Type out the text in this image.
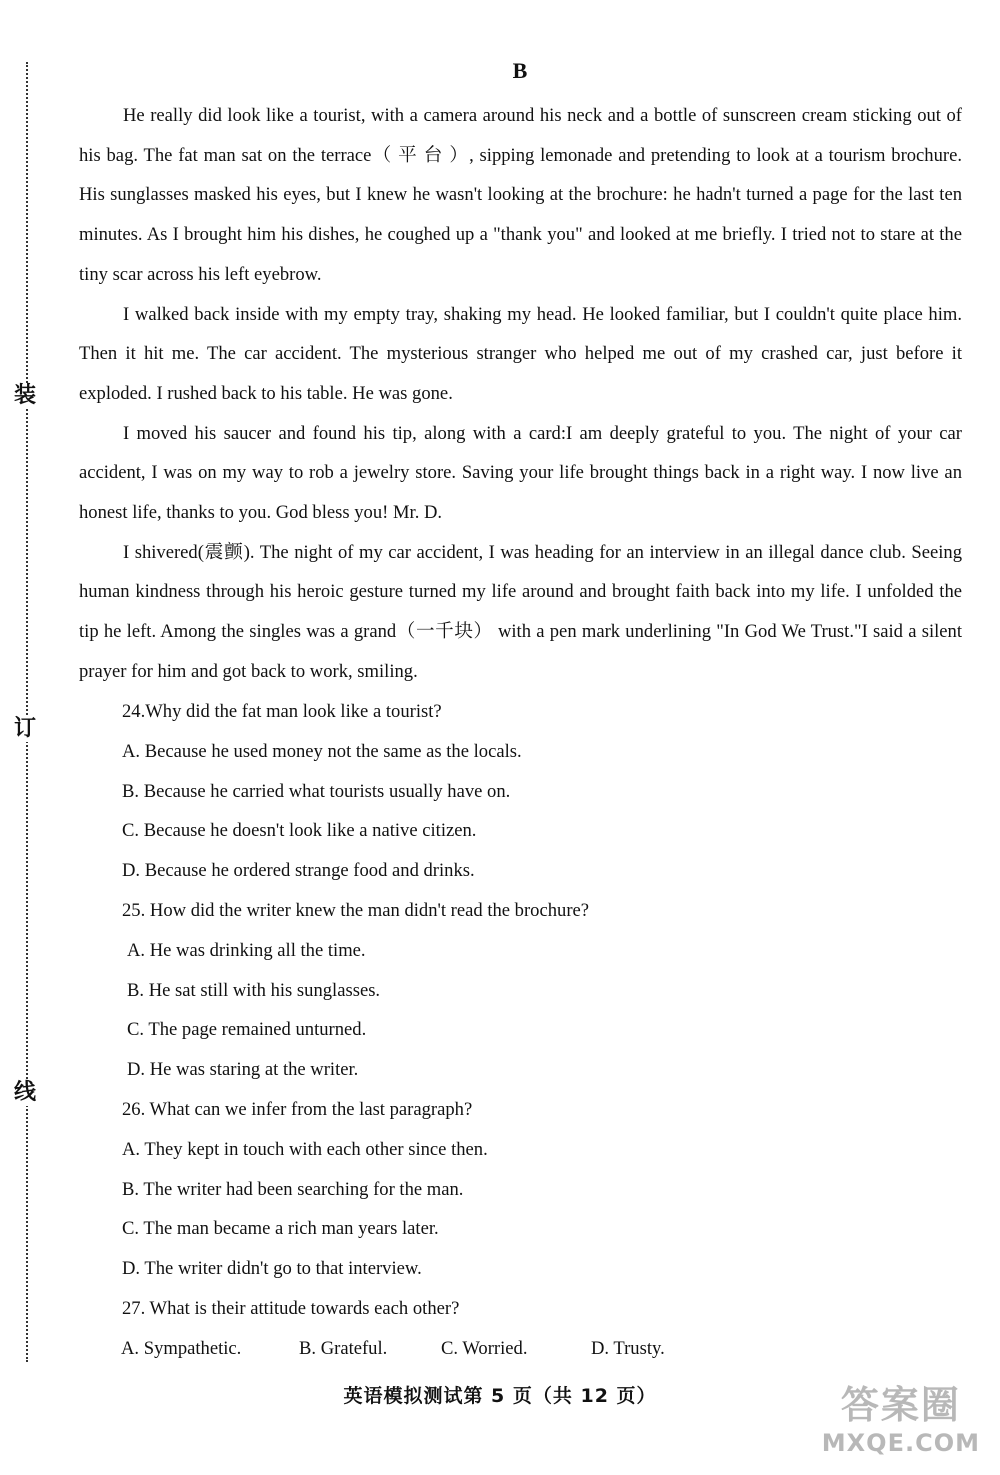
装
订
线
B

He really did look like a tourist, with a camera around his neck and a bottle of sunscreen cream sticking out of his bag. The fat man sat on the terrace（ 平 台 ）, sipping lemonade and pretending to look at a tourism brochure. His sunglasses masked his eyes, but I knew he wasn't looking at the brochure: he hadn't turned a page for the last ten minutes. As I brought him his dishes, he coughed up a "thank you" and looked at me briefly. I tried not to stare at the tiny scar across his left eyebrow.

I walked back inside with my empty tray, shaking my head. He looked familiar, but I couldn't quite place him. Then it hit me. The car accident. The mysterious stranger who helped me out of my crashed car, just before it exploded. I rushed back to his table. He was gone.

I moved his saucer and found his tip, along with a card:I am deeply grateful to you. The night of your car accident, I was on my way to rob a jewelry store. Saving your life brought things back in a right way. I now live an honest life, thanks to you. God bless you! Mr. D.

I shivered(震颤). The night of my car accident, I was heading for an interview in an illegal dance club. Seeing human kindness through his heroic gesture turned my life around and brought faith back into my life. I unfolded the tip he left. Among the singles was a grand（一千块） with a pen mark underlining "In God We Trust."I said a silent prayer for him and got back to work, smiling.

24.Why did the fat man look like a tourist?
A. Because he used money not the same as the locals.
B. Because he carried what tourists usually have on.
C. Because he doesn't look like a native citizen.
D. Because he ordered strange food and drinks.
25. How did the writer knew the man didn't read the brochure?
A. He was drinking all the time.
B. He sat still with his sunglasses.
C. The page remained unturned.
D. He was staring at the writer.
26. What can we infer from the last paragraph?
A. They kept in touch with each other since then.
B. The writer had been searching for the man.
C. The man became a rich man years later.
D. The writer didn't go to that interview.
27. What is their attitude towards each other?
A. Sympathetic.	B. Grateful.	C. Worried.	D. Trusty.
英语模拟测试第 5 页（共 12 页）	答案圈
MXQE.COM
